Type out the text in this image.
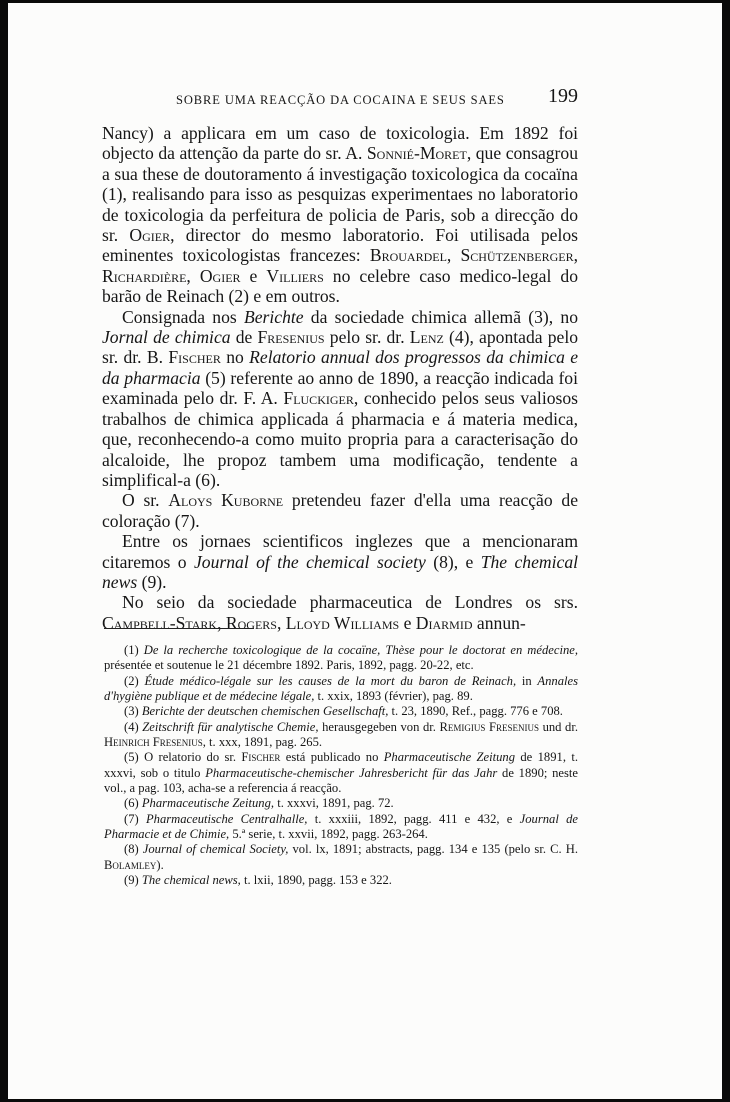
SOBRE UMA REACÇÃO DA COCAINA E SEUS SAES 199

Nancy) a applicara em um caso de toxicologia. Em 1892 foi objecto da attenção da parte do sr. A. Sonnié-Moret, que consagrou a sua these de doutoramento á investigação toxicologica da cocaïna (1), realisando para isso as pesquizas experimentaes no laboratorio de toxicologia da perfeitura de policia de Paris, sob a direcção do sr. Ogier, director do mesmo laboratorio. Foi utilisada pelos eminentes toxicologistas francezes: Brouardel, Schützenberger, Richardière, Ogier e Villiers no celebre caso medico-legal do barão de Reinach (2) e em outros.

Consignada nos Berichte da sociedade chimica allemã (3), no Jornal de chimica de Fresenius pelo sr. dr. Lenz (4), apontada pelo sr. dr. B. Fischer no Relatorio annual dos progressos da chimica e da pharmacia (5) referente ao anno de 1890, a reacção indicada foi examinada pelo dr. F. A. Fluckiger, conhecido pelos seus valiosos trabalhos de chimica applicada á pharmacia e á materia medica, que, reconhecendo-a como muito propria para a caracterisação do alcaloide, lhe propoz tambem uma modificação, tendente a simplifical-a (6).

O sr. Aloys Kuborne pretendeu fazer d'ella uma reacção de coloração (7).

Entre os jornaes scientificos inglezes que a mencionaram citaremos o Journal of the chemical society (8), e The chemical news (9).

No seio da sociedade pharmaceutica de Londres os srs. Campbell-Stark, Rogers, Lloyd Williams e Diarmid annun-

(1) De la recherche toxicologique de la cocaïne, Thèse pour le doctorat en médecine, présentée et soutenue le 21 décembre 1892. Paris, 1892, pagg. 20-22, etc.

(2) Étude médico-légale sur les causes de la mort du baron de Reinach, in Annales d'hygiène publique et de médecine légale, t. xxix, 1893 (février), pag. 89.

(3) Berichte der deutschen chemischen Gesellschaft, t. 23, 1890, Ref., pagg. 776 e 708.

(4) Zeitschrift für analytische Chemie, herausgegeben von dr. Remigius Fresenius und dr. Heinrich Fresenius, t. xxx, 1891, pag. 265.

(5) O relatorio do sr. Fischer está publicado no Pharmaceutische Zeitung de 1891, t. xxxvi, sob o titulo Pharmaceutische-chemischer Jahresbericht für das Jahr de 1890; neste vol., a pag. 103, acha-se a referencia á reacção.

(6) Pharmaceutische Zeitung, t. xxxvi, 1891, pag. 72.

(7) Pharmaceutische Centralhalle, t. xxxiii, 1892, pagg. 411 e 432, e Journal de Pharmacie et de Chimie, 5.ª serie, t. xxvii, 1892, pagg. 263-264.

(8) Journal of chemical Society, vol. lx, 1891; abstracts, pagg. 134 e 135 (pelo sr. C. H. Bolamley).

(9) The chemical news, t. lxii, 1890, pagg. 153 e 322.
